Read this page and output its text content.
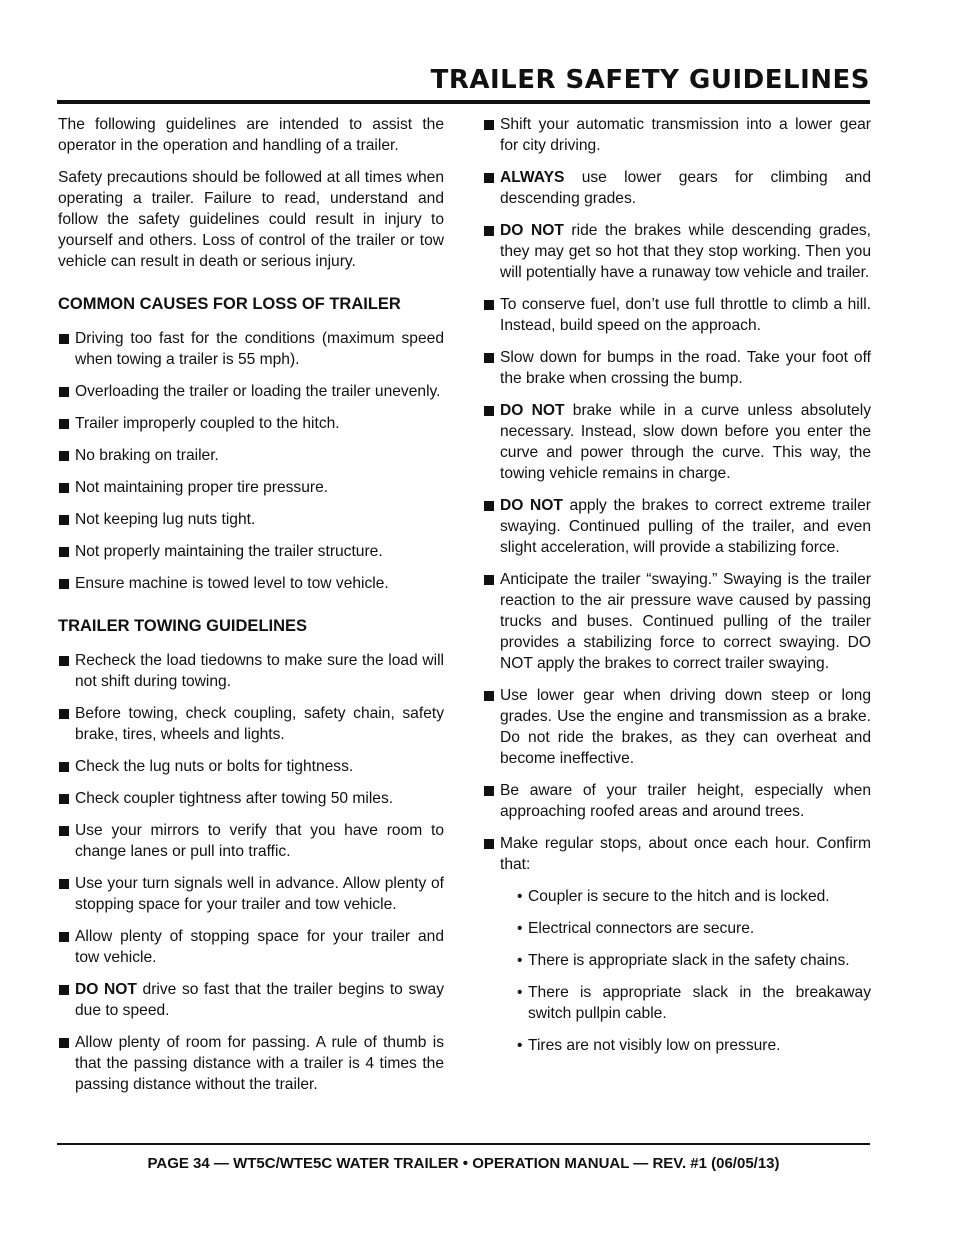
TRAILER SAFETY GUIDELINES

The following guidelines are intended to assist the operator in the operation and handling of a trailer.

Safety precautions should be followed at all times when operating a trailer. Failure to read, understand and follow the safety guidelines could result in injury to yourself and others. Loss of control of the trailer or tow vehicle can result in death or serious injury.

COMMON CAUSES FOR LOSS OF TRAILER
Driving too fast for the conditions (maximum speed when towing a trailer is 55 mph).
Overloading the trailer or loading the trailer unevenly.
Trailer improperly coupled to the hitch.
No braking on trailer.
Not maintaining proper tire pressure.
Not keeping lug nuts tight.
Not properly maintaining the trailer structure.
Ensure machine is towed level to tow vehicle.
TRAILER TOWING GUIDELINES
Recheck the load tiedowns to make sure the load will not shift during towing.
Before towing, check coupling, safety chain, safety brake, tires, wheels and lights.
Check the lug nuts or bolts for tightness.
Check coupler tightness after towing 50 miles.
Use your mirrors to verify that you have room to change lanes or pull into traffic.
Use your turn signals well in advance. Allow plenty of stopping space for your trailer and tow vehicle.
Allow plenty of stopping space for your trailer and tow vehicle.
DO NOT drive so fast that the trailer begins to sway due to speed.
Allow plenty of room for passing. A rule of thumb is that the passing distance with a trailer is 4 times the passing distance without the trailer.
Shift your automatic transmission into a lower gear for city driving.
ALWAYS use lower gears for climbing and descending grades.
DO NOT ride the brakes while descending grades, they may get so hot that they stop working. Then you will potentially have a runaway tow vehicle and trailer.
To conserve fuel, don’t use full throttle to climb a hill. Instead, build speed on the approach.
Slow down for bumps in the road. Take your foot off the brake when crossing the bump.
DO NOT brake while in a curve unless absolutely necessary. Instead, slow down before you enter the curve and power through the curve. This way, the towing vehicle remains in charge.
DO NOT apply the brakes to correct extreme trailer swaying. Continued pulling of the trailer, and even slight acceleration, will provide a stabilizing force.
Anticipate the trailer “swaying.” Swaying is the trailer reaction to the air pressure wave caused by passing trucks and buses. Continued pulling of the trailer provides a stabilizing force to correct swaying. DO NOT apply the brakes to correct trailer swaying.
Use lower gear when driving down steep or long grades. Use the engine and transmission as a brake. Do not ride the brakes, as they can overheat and become ineffective.
Be aware of your trailer height, especially when approaching roofed areas and around trees.
Make regular stops, about once each hour. Confirm that:
• Coupler is secure to the hitch and is locked.
• Electrical connectors are secure.
• There is appropriate slack in the safety chains.
• There is appropriate slack in the breakaway switch pullpin cable.
• Tires are not visibly low on pressure.
PAGE 34 — WT5C/WTE5C WATER TRAILER • OPERATION MANUAL — REV. #1 (06/05/13)
